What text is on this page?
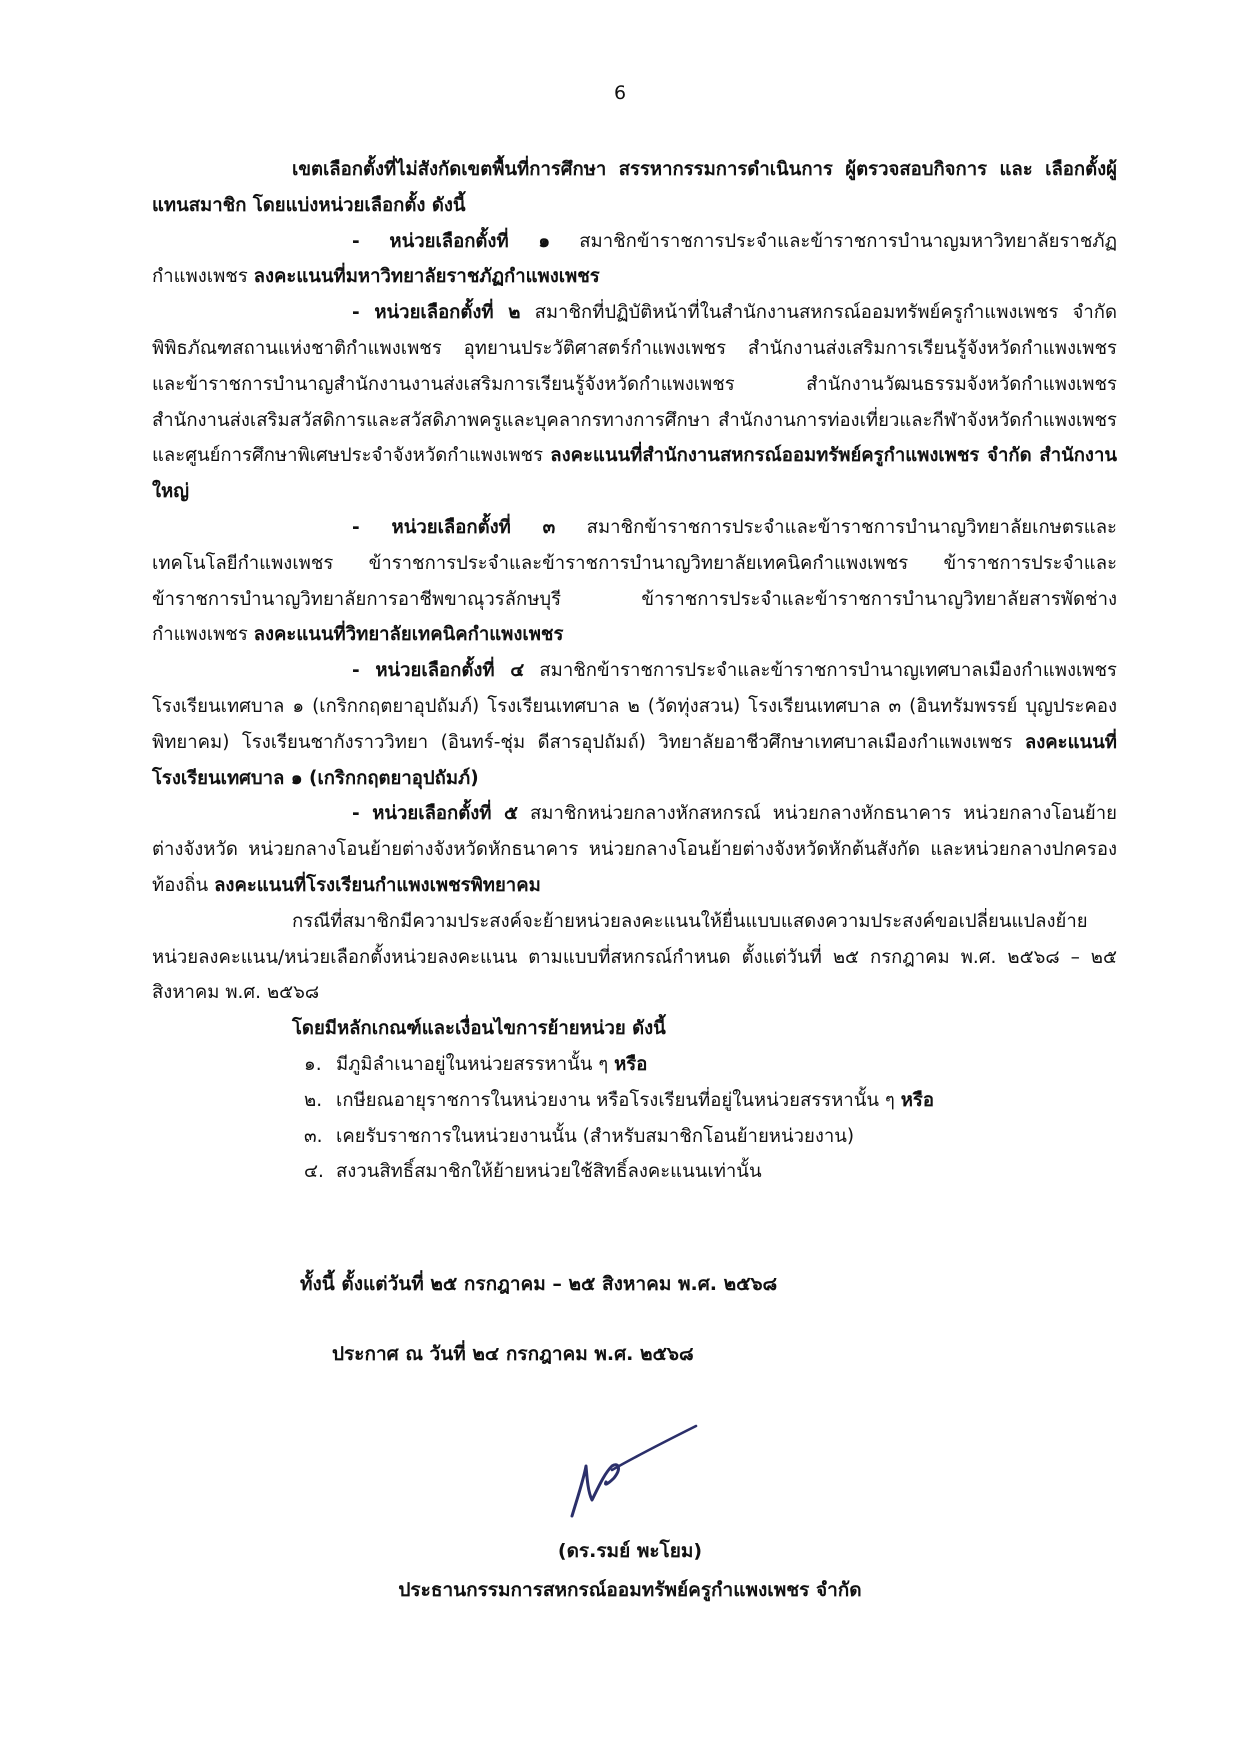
6

เขตเลือกตั้งที่ไม่สังกัดเขตพื้นที่การศึกษา สรรหากรรมการดำเนินการ ผู้ตรวจสอบกิจการ และ เลือกตั้งผู้แทนสมาชิก โดยแบ่งหน่วยเลือกตั้ง ดังนี้

- หน่วยเลือกตั้งที่ ๑ สมาชิกข้าราชการประจำและข้าราชการบำนาญมหาวิทยาลัยราชภัฏกำแพงเพชร ลงคะแนนที่มหาวิทยาลัยราชภัฏกำแพงเพชร

- หน่วยเลือกตั้งที่ ๒ สมาชิกที่ปฏิบัติหน้าที่ในสำนักงานสหกรณ์ออมทรัพย์ครูกำแพงเพชร จำกัด พิพิธภัณฑสถานแห่งชาติกำแพงเพชร อุทยานประวัติศาสตร์กำแพงเพชร สำนักงานส่งเสริมการเรียนรู้จังหวัดกำแพงเพชร และข้าราชการบำนาญสำนักงานงานส่งเสริมการเรียนรู้จังหวัดกำแพงเพชร สำนักงานวัฒนธรรมจังหวัดกำแพงเพชร สำนักงานส่งเสริมสวัสดิการและสวัสดิภาพครูและบุคลากรทางการศึกษา สำนักงานการท่องเที่ยวและกีฬาจังหวัดกำแพงเพชร และศูนย์การศึกษาพิเศษประจำจังหวัดกำแพงเพชร ลงคะแนนที่สำนักงานสหกรณ์ออมทรัพย์ครูกำแพงเพชร จำกัด สำนักงานใหญ่

- หน่วยเลือกตั้งที่ ๓ สมาชิกข้าราชการประจำและข้าราชการบำนาญวิทยาลัยเกษตรและเทคโนโลยีกำแพงเพชร ข้าราชการประจำและข้าราชการบำนาญวิทยาลัยเทคนิคกำแพงเพชร ข้าราชการประจำและข้าราชการบำนาญวิทยาลัยการอาชีพขาณุวรลักษบุรี ข้าราชการประจำและข้าราชการบำนาญวิทยาลัยสารพัดช่างกำแพงเพชร ลงคะแนนที่วิทยาลัยเทคนิคกำแพงเพชร

- หน่วยเลือกตั้งที่ ๔ สมาชิกข้าราชการประจำและข้าราชการบำนาญเทศบาลเมืองกำแพงเพชร โรงเรียนเทศบาล ๑ (เกริกกฤตยาอุปถัมภ์) โรงเรียนเทศบาล ๒ (วัดทุ่งสวน) โรงเรียนเทศบาล ๓ (อินทรัมพรรย์ บุญประคองพิทยาคม) โรงเรียนชากังราววิทยา (อินทร์-ชุ่ม ดีสารอุปถัมถ์) วิทยาลัยอาชีวศึกษาเทศบาลเมืองกำแพงเพชร ลงคะแนนที่โรงเรียนเทศบาล ๑ (เกริกกฤตยาอุปถัมภ์)

- หน่วยเลือกตั้งที่ ๕ สมาชิกหน่วยกลางหักสหกรณ์ หน่วยกลางหักธนาคาร หน่วยกลางโอนย้ายต่างจังหวัด หน่วยกลางโอนย้ายต่างจังหวัดหักธนาคาร หน่วยกลางโอนย้ายต่างจังหวัดหักต้นสังกัด และหน่วยกลางปกครองท้องถิ่น ลงคะแนนที่โรงเรียนกำแพงเพชรพิทยาคม

กรณีที่สมาชิกมีความประสงค์จะย้ายหน่วยลงคะแนนให้ยื่นแบบแสดงความประสงค์ขอเปลี่ยนแปลงย้ายหน่วยลงคะแนน/หน่วยเลือกตั้งหน่วยลงคะแนน ตามแบบที่สหกรณ์กำหนด ตั้งแต่วันที่ ๒๕ กรกฎาคม พ.ศ. ๒๕๖๘ – ๒๕ สิงหาคม พ.ศ. ๒๕๖๘

โดยมีหลักเกณฑ์และเงื่อนไขการย้ายหน่วย ดังนี้

๑. มีภูมิลำเนาอยู่ในหน่วยสรรหานั้น ๆ หรือ

๒. เกษียณอายุราชการในหน่วยงาน หรือโรงเรียนที่อยู่ในหน่วยสรรหานั้น ๆ หรือ

๓. เคยรับราชการในหน่วยงานนั้น (สำหรับสมาชิกโอนย้ายหน่วยงาน)

๔. สงวนสิทธิ์สมาชิกให้ย้ายหน่วยใช้สิทธิ์ลงคะแนนเท่านั้น

ทั้งนี้ ตั้งแต่วันที่ ๒๕ กรกฎาคม – ๒๕ สิงหาคม พ.ศ. ๒๕๖๘
ประกาศ ณ วันที่ ๒๔ กรกฎาคม พ.ศ. ๒๕๖๘
(ดร.รมย์ พะโยม)
ประธานกรรมการสหกรณ์ออมทรัพย์ครูกำแพงเพชร จำกัด
